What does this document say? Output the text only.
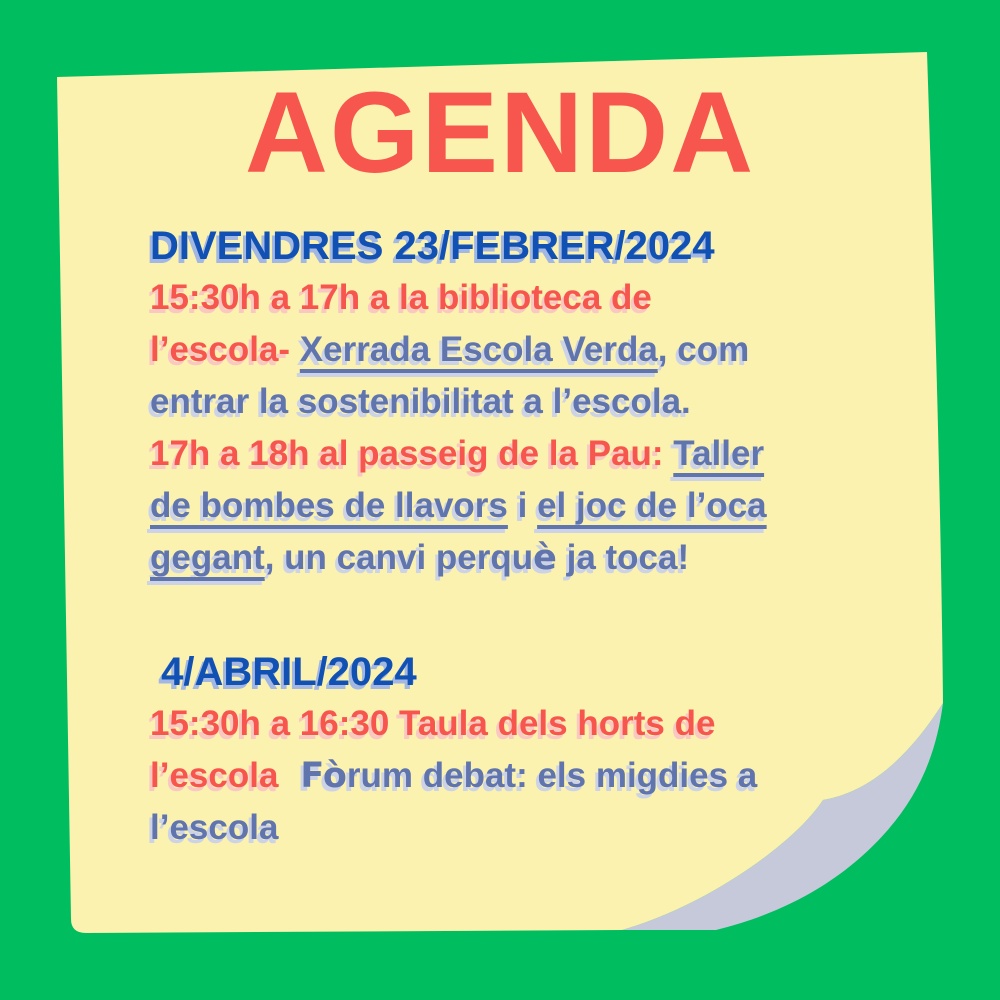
AGENDA
DIVENDRES 23/FEBRER/2024
15:30h a 17h a la biblioteca de
l’escola- Xerrada Escola Verda, com
entrar la sostenibilitat a l’escola.
17h a 18h al passeig de la Pau: Taller
de bombes de llavors i el joc de l’oca
gegant, un canvi perquè ja toca!
4/ABRIL/2024
15:30h a 16:30 Taula dels horts de
l’escola  Fòrum debat: els migdies a
l’escola
